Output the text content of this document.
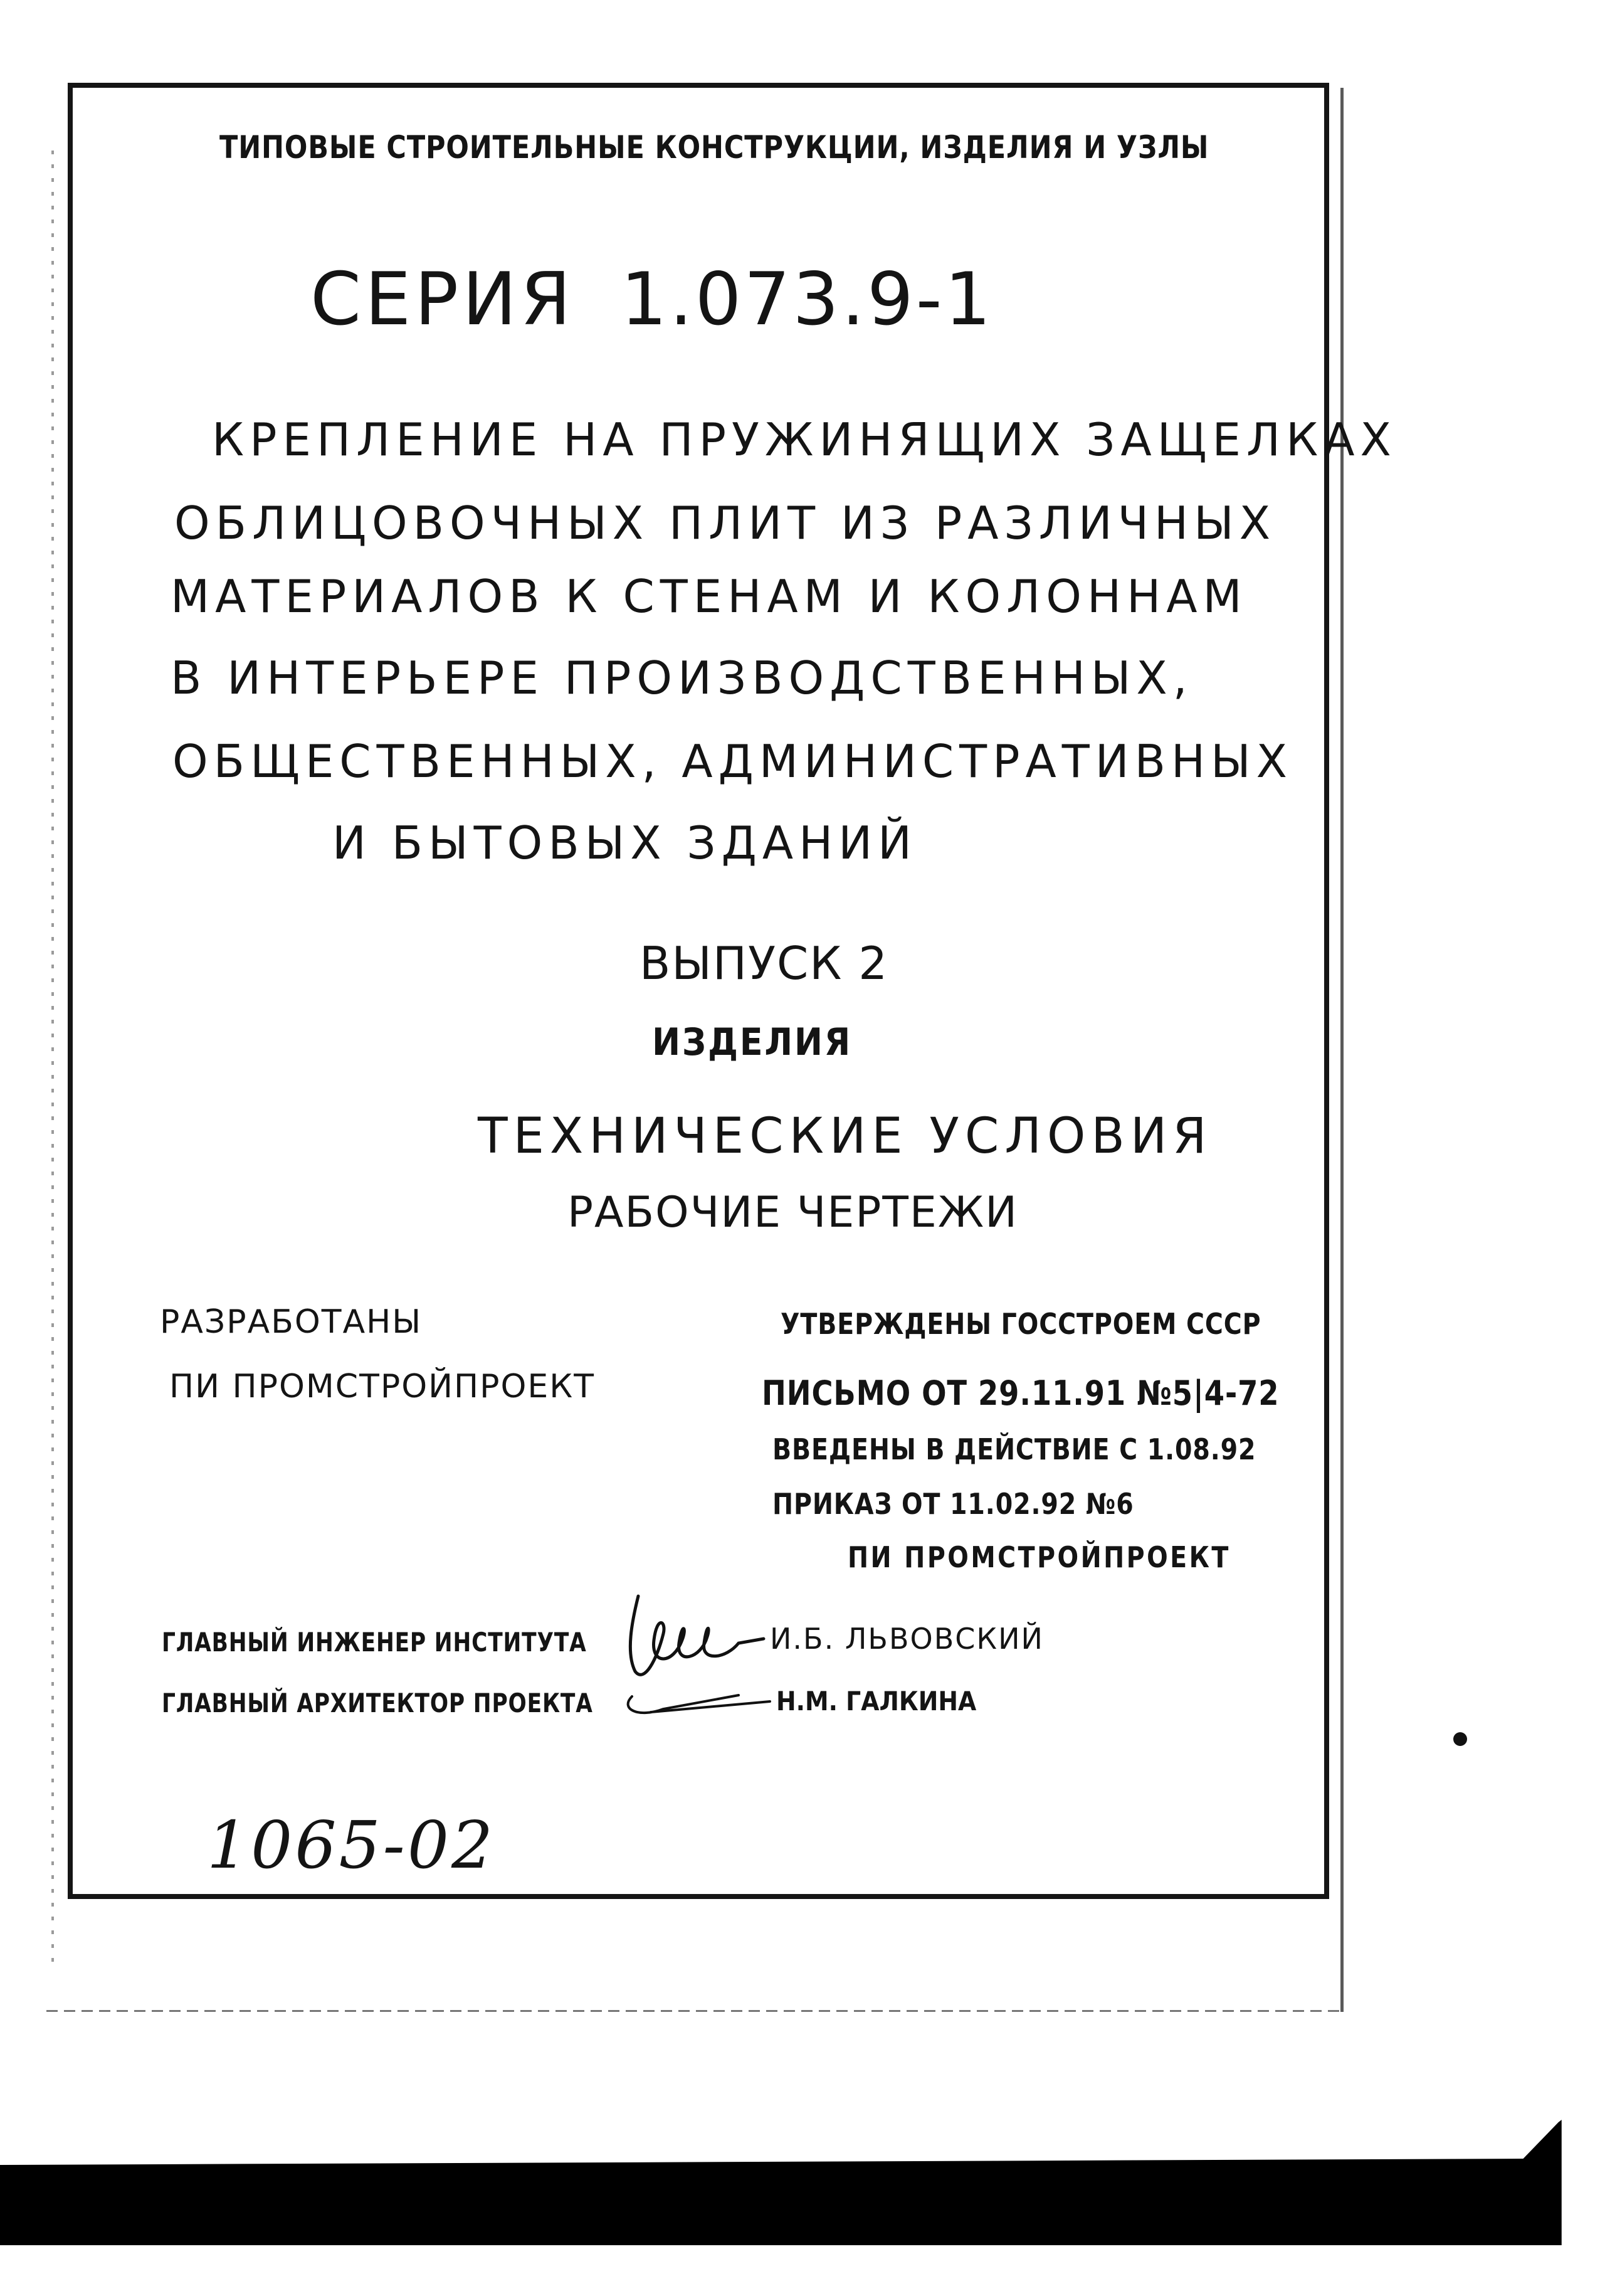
ТИПОВЫЕ СТРОИТЕЛЬНЫЕ КОНСТРУКЦИИ, ИЗДЕЛИЯ И УЗЛЫ
СЕРИЯ 1.073.9-1
КРЕПЛЕНИЕ НА ПРУЖИНЯЩИХ ЗАЩЕЛКАХ
ОБЛИЦОВОЧНЫХ ПЛИТ ИЗ РАЗЛИЧНЫХ
МАТЕРИАЛОВ К СТЕНАМ И КОЛОННАМ
В ИНТЕРЬЕРЕ ПРОИЗВОДСТВЕННЫХ,
ОБЩЕСТВЕННЫХ, АДМИНИСТРАТИВНЫХ
И БЫТОВЫХ ЗДАНИЙ
ВЫПУСК 2
ИЗДЕЛИЯ
ТЕХНИЧЕСКИЕ УСЛОВИЯ
РАБОЧИЕ ЧЕРТЕЖИ
РАЗРАБОТАНЫ
ПИ ПРОМСТРОЙПРОЕКТ
УТВЕРЖДЕНЫ ГОССТРОЕМ СССР
ПИСЬМО ОТ 29.11.91 №5|4-72
ВВЕДЕНЫ В ДЕЙСТВИЕ С 1.08.92
ПРИКАЗ ОТ 11.02.92 №6
ПИ ПРОМСТРОЙПРОЕКТ
ГЛАВНЫЙ ИНЖЕНЕР ИНСТИТУТА
ГЛАВНЫЙ АРХИТЕКТОР ПРОЕКТА
И.Б. ЛЬВОВСКИЙ
Н.М. ГАЛКИНА
1065-02
